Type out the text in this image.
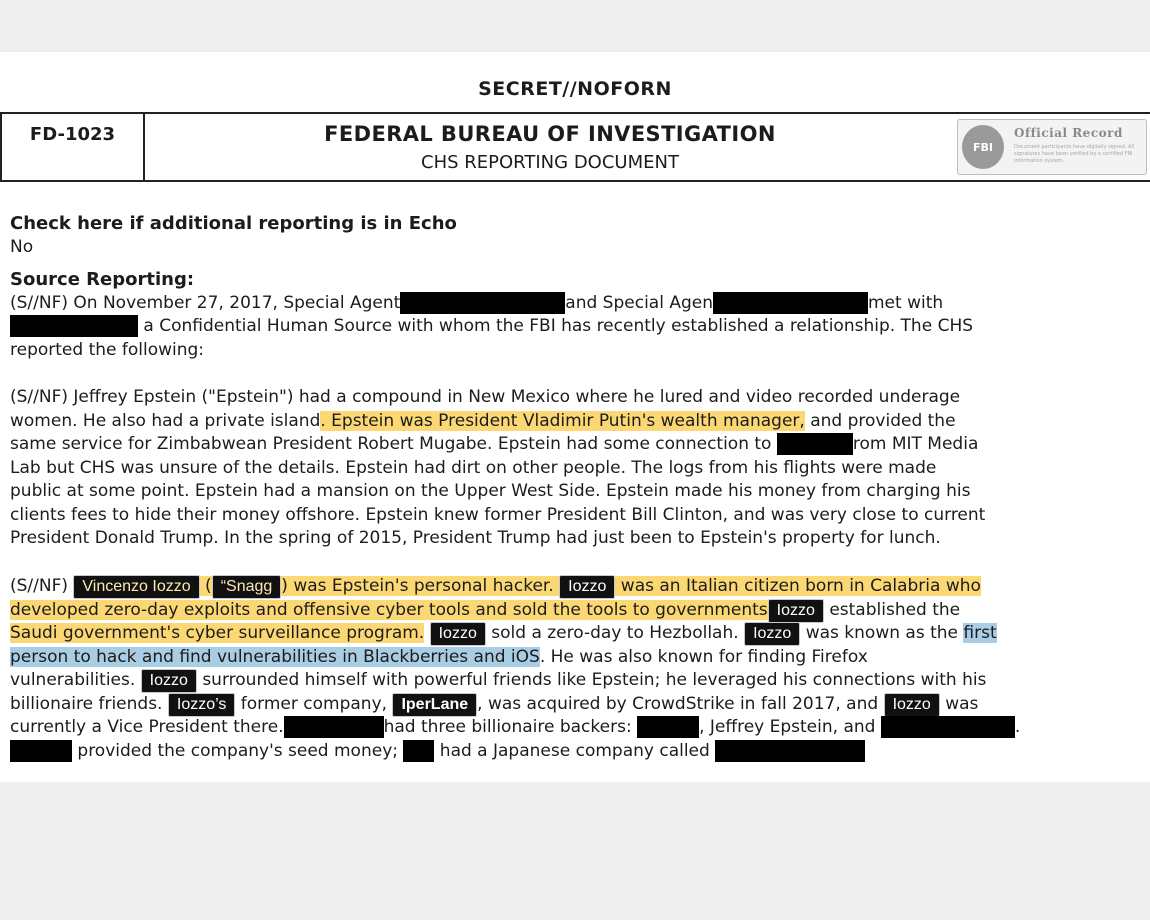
SECRET//NOFORN
FD-1023	FEDERAL BUREAU OF INVESTIGATION
CHS REPORTING DOCUMENT
FBI
Official Record
Document participants have digitally signed. All signatures have been verified by a certified FBI information system.
Check here if additional reporting is in Echo
No
Source Reporting:
(S//NF) On November 27, 2017, Special Agent	and Special Agen	met with
a Confidential Human Source with whom the FBI has recently established a relationship. The CHS
reported the following:
(S//NF) Jeffrey Epstein ("Epstein") had a compound in New Mexico where he lured and video recorded underage
women. He also had a private island. Epstein was President Vladimir Putin's wealth manager, and provided the
same service for Zimbabwean President Robert Mugabe. Epstein had some connection to	rom MIT Media
Lab but CHS was unsure of the details. Epstein had dirt on other people. The logs from his flights were made
public at some point. Epstein had a mansion on the Upper West Side. Epstein made his money from charging his
clients fees to hide their money offshore. Epstein knew former President Bill Clinton, and was very close to current
President Donald Trump. In the spring of 2015, President Trump had just been to Epstein's property for lunch.
(S//NF) Vincenzo Iozzo ( “Snagg ) was Epstein's personal hacker. Iozzo was an Italian citizen born in Calabria who
developed zero-day exploits and offensive cyber tools and sold the tools to governments Iozzo established the
Saudi government's cyber surveillance program. Iozzo sold a zero-day to Hezbollah. Iozzo was known as the first
person to hack and find vulnerabilities in Blackberries and iOS. He was also known for finding Firefox
vulnerabilities. Iozzo surrounded himself with powerful friends like Epstein; he leveraged his connections with his
billionaire friends. Iozzo’s former company, IperLane , was acquired by CrowdStrike in fall 2017, and Iozzo was
currently a Vice President there.	had three billionaire backers:	, Jeffrey Epstein, and	.
provided the company's seed money;  had a Japanese company called
